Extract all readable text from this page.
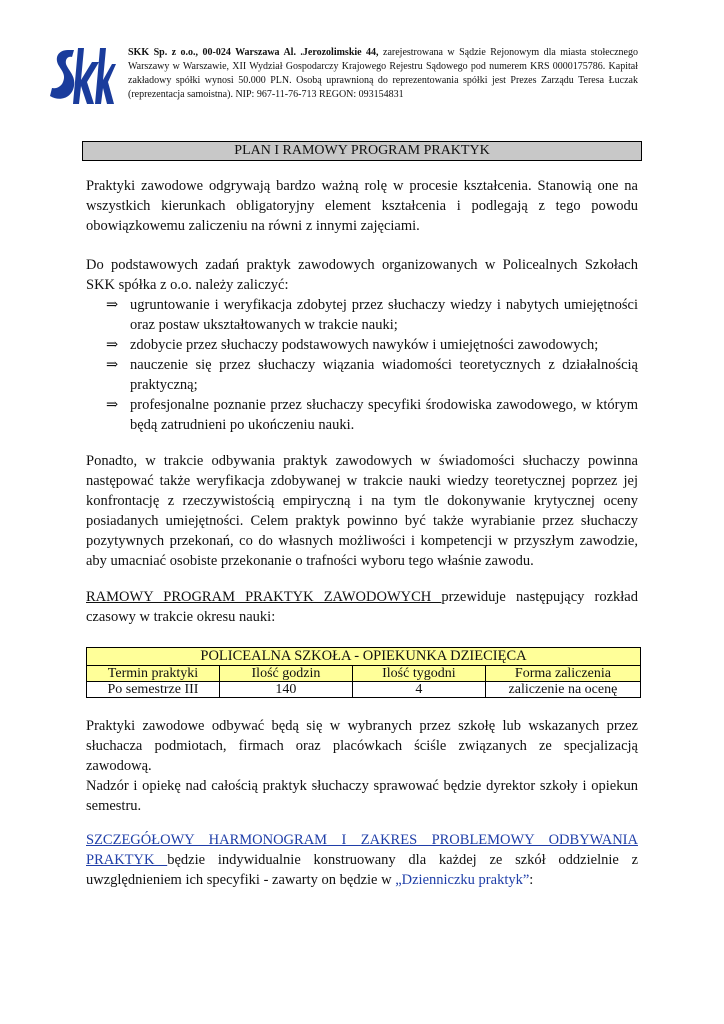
SKK Sp. z o.o., 00-024 Warszawa Al. .Jerozolimskie 44, zarejestrowana w Sądzie Rejonowym dla miasta stołecznego Warszawy w Warszawie, XII Wydział Gospodarczy Krajowego Rejestru Sądowego pod numerem KRS 0000175786. Kapitał zakładowy spółki wynosi 50.000 PLN. Osobą uprawnioną do reprezentowania spółki jest Prezes Zarządu Teresa Łuczak (reprezentacja samoistna). NIP: 967-11-76-713 REGON: 093154831
PLAN I RAMOWY PROGRAM PRAKTYK

Praktyki zawodowe odgrywają bardzo ważną rolę w procesie kształcenia. Stanowią one na wszystkich kierunkach obligatoryjny element kształcenia i podlegają z tego powodu obowiązkowemu zaliczeniu na równi z innymi zajęciami.

Do podstawowych zadań praktyk zawodowych organizowanych w Policealnych Szkołach SKK spółka z o.o. należy zaliczyć:

⇒ ugruntowanie i weryfikacja zdobytej przez słuchaczy wiedzy i nabytych umiejętności oraz postaw ukształtowanych w trakcie nauki;
⇒ zdobycie przez słuchaczy podstawowych nawyków i umiejętności zawodowych;
⇒ nauczenie się przez słuchaczy wiązania wiadomości teoretycznych z działalnością praktyczną;
⇒ profesjonalne poznanie przez słuchaczy specyfiki środowiska zawodowego, w którym będą zatrudnieni po ukończeniu nauki.

Ponadto, w trakcie odbywania praktyk zawodowych w świadomości słuchaczy powinna następować także weryfikacja zdobywanej w trakcie nauki wiedzy teoretycznej poprzez jej konfrontację z rzeczywistością empiryczną i na tym tle dokonywanie krytycznej oceny posiadanych umiejętności. Celem praktyk powinno być także wyrabianie przez słuchaczy pozytywnych przekonań, co do własnych możliwości i kompetencji w przyszłym zawodzie, aby umacniać osobiste przekonanie o trafności wyboru tego właśnie zawodu.

RAMOWY PROGRAM PRAKTYK ZAWODOWYCH przewiduje następujący rozkład czasowy w trakcie okresu nauki:

POLICEALNA SZKOŁA - OPIEKUNKA DZIECIĘCA			
Termin praktyki	Ilość godzin	Ilość tygodni	Forma zaliczenia
Po semestrze III	140	4	zaliczenie na ocenę

Praktyki zawodowe odbywać będą się w wybranych przez szkołę lub wskazanych przez słuchacza podmiotach, firmach oraz placówkach ściśle związanych ze specjalizacją zawodową.

Nadzór i opiekę nad całością praktyk słuchaczy sprawować będzie dyrektor szkoły i opiekun semestru.

SZCZEGÓŁOWY HARMONOGRAM I ZAKRES PROBLEMOWY ODBYWANIA PRAKTYK będzie indywidualnie konstruowany dla każdej ze szkół oddzielnie z uwzględnieniem ich specyfiki - zawarty on będzie w „Dzienniczku praktyk”:
